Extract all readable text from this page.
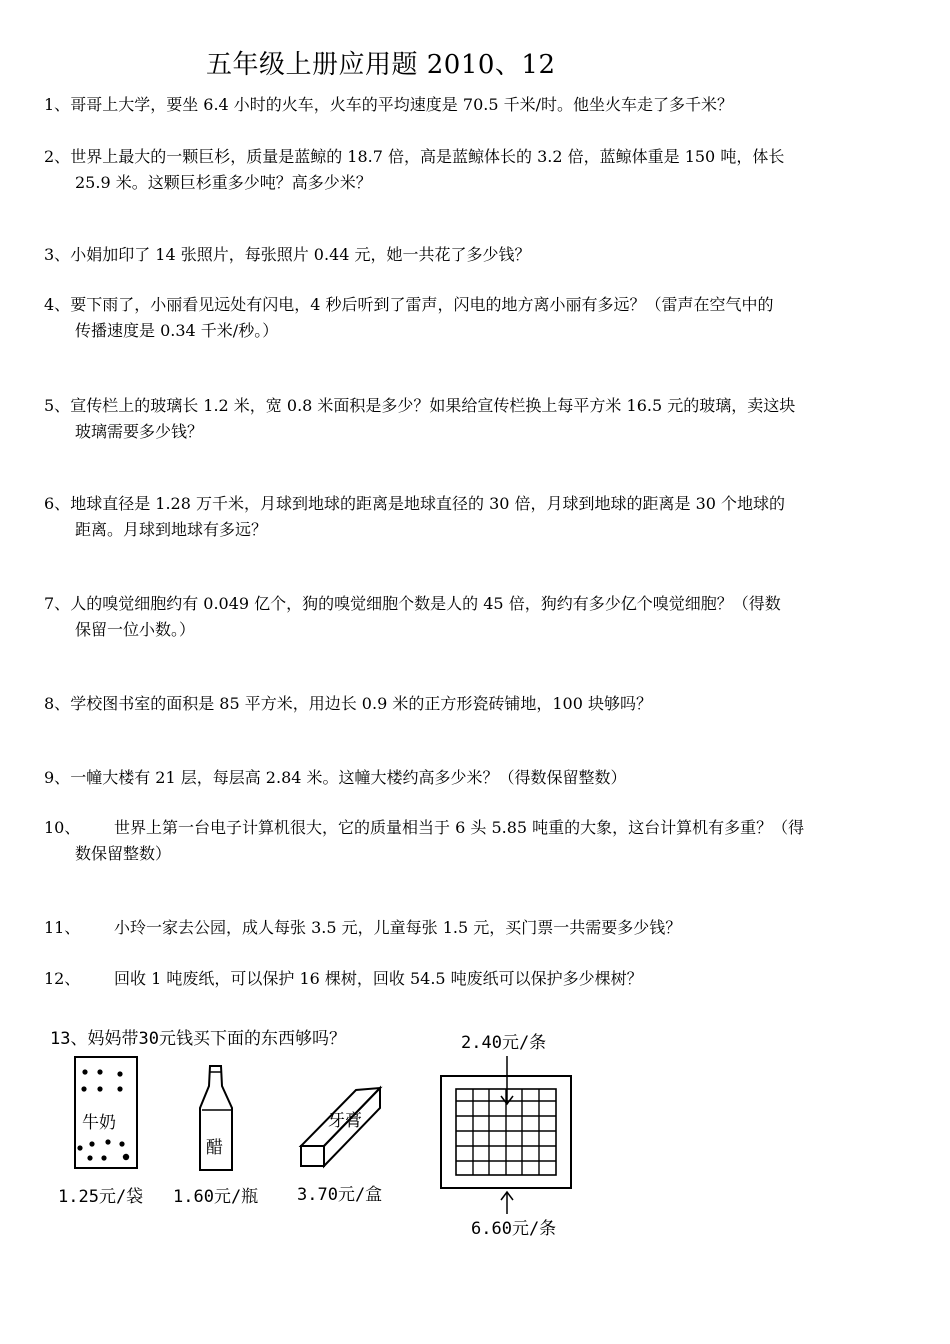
五年级上册应用题 2010、12
1、哥哥上大学，要坐 6.4 小时的火车，火车的平均速度是 70.5 千米/时。他坐火车走了多千米？
2、世界上最大的一颗巨杉，质量是蓝鲸的 18.7 倍，高是蓝鲸体长的 3.2 倍，蓝鲸体重是 150 吨，体长
25.9 米。这颗巨杉重多少吨？高多少米？
3、小娟加印了 14 张照片，每张照片 0.44 元，她一共花了多少钱？
4、要下雨了，小丽看见远处有闪电，4 秒后听到了雷声，闪电的地方离小丽有多远？（雷声在空气中的
传播速度是 0.34 千米/秒。）
5、宣传栏上的玻璃长 1.2 米，宽 0.8 米面积是多少？如果给宣传栏换上每平方米 16.5 元的玻璃，卖这块
玻璃需要多少钱？
6、地球直径是 1.28 万千米，月球到地球的距离是地球直径的 30 倍，月球到地球的距离是 30 个地球的
距离。月球到地球有多远？
7、人的嗅觉细胞约有 0.049 亿个，狗的嗅觉细胞个数是人的 45 倍，狗约有多少亿个嗅觉细胞？（得数
保留一位小数。）
8、学校图书室的面积是 85 平方米，用边长 0.9 米的正方形瓷砖铺地，100 块够吗？
9、一幢大楼有 21 层，每层高 2.84 米。这幢大楼约高多少米？（得数保留整数）
10、 世界上第一台电子计算机很大，它的质量相当于 6 头 5.85 吨重的大象，这台计算机有多重？（得
数保留整数）
11、 小玲一家去公园，成人每张 3.5 元，儿童每张 1.5 元，买门票一共需要多少钱？
12、 回收 1 吨废纸，可以保护 16 棵树，回收 54.5 吨废纸可以保护多少棵树？
13、妈妈带30元钱买下面的东西够吗？
牛奶
醋
牙膏
1.25元/袋 1.60元/瓶 3.70元/盒
2.40元/条
6.60元/条
